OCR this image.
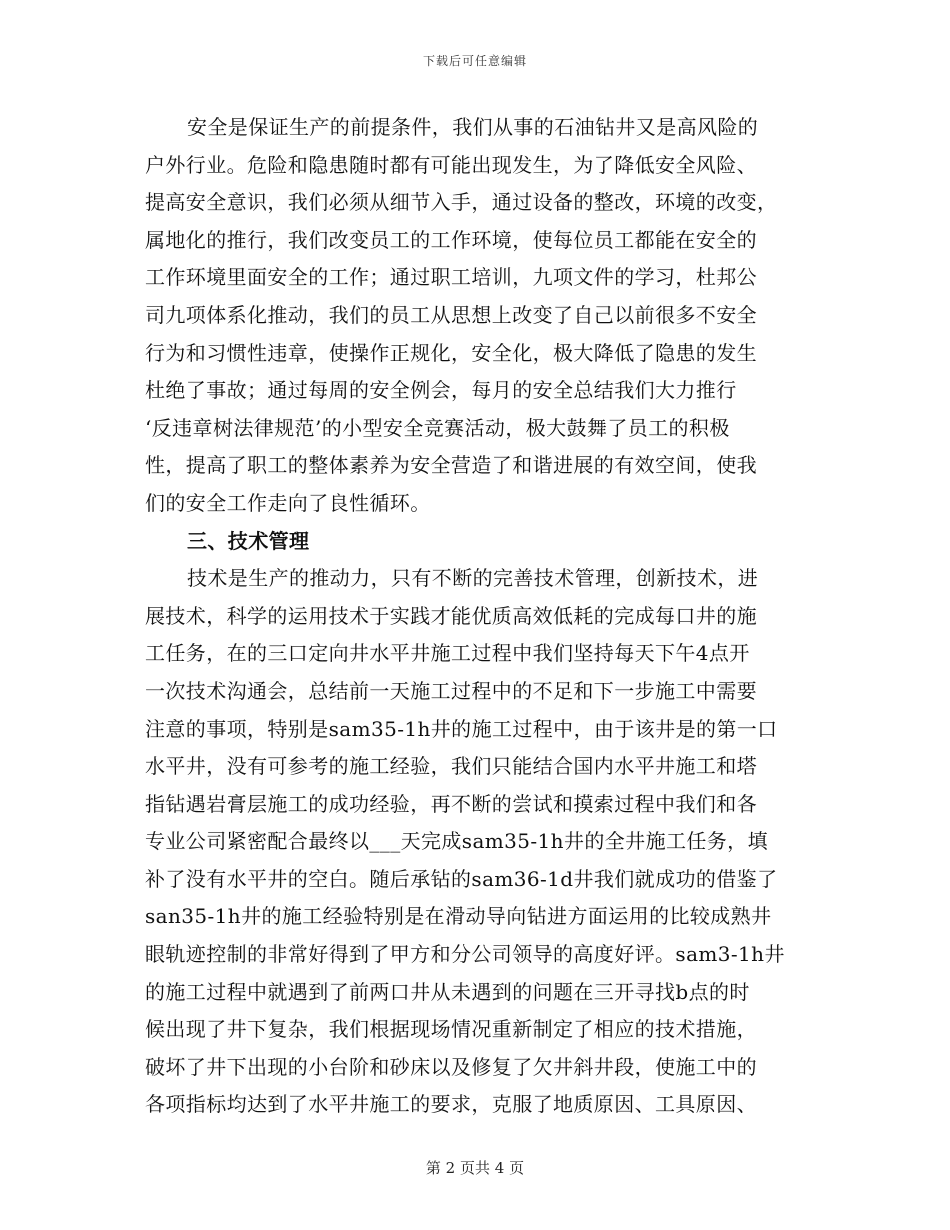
下载后可任意编辑
安全是保证生产的前提条件，我们从事的石油钻井又是高风险的
户外行业。危险和隐患随时都有可能出现发生，为了降低安全风险、
提高安全意识，我们必须从细节入手，通过设备的整改，环境的改变，
属地化的推行，我们改变员工的工作环境，使每位员工都能在安全的
工作环境里面安全的工作；通过职工培训，九项文件的学习，杜邦公
司九项体系化推动，我们的员工从思想上改变了自己以前很多不安全
行为和习惯性违章，使操作正规化，安全化，极大降低了隐患的发生
杜绝了事故；通过每周的安全例会，每月的安全总结我们大力推行
‘反违章树法律规范’的小型安全竞赛活动，极大鼓舞了员工的积极
性，提高了职工的整体素养为安全营造了和谐进展的有效空间，使我
们的安全工作走向了良性循环。
三、技术管理
技术是生产的推动力，只有不断的完善技术管理，创新技术，进
展技术，科学的运用技术于实践才能优质高效低耗的完成每口井的施
工任务，在的三口定向井水平井施工过程中我们坚持每天下午4点开
一次技术沟通会，总结前一天施工过程中的不足和下一步施工中需要
注意的事项，特别是sam35-1h井的施工过程中，由于该井是的第一口
水平井，没有可参考的施工经验，我们只能结合国内水平井施工和塔
指钻遇岩膏层施工的成功经验，再不断的尝试和摸索过程中我们和各
专业公司紧密配合最终以___天完成sam35-1h井的全井施工任务，填
补了没有水平井的空白。随后承钻的sam36-1d井我们就成功的借鉴了
san35-1h井的施工经验特别是在滑动导向钻进方面运用的比较成熟井
眼轨迹控制的非常好得到了甲方和分公司领导的高度好评。sam3-1h井
的施工过程中就遇到了前两口井从未遇到的问题在三开寻找b点的时
候出现了井下复杂，我们根据现场情况重新制定了相应的技术措施，
破坏了井下出现的小台阶和砂床以及修复了欠井斜井段，使施工中的
各项指标均达到了水平井施工的要求，克服了地质原因、工具原因、
第 2 页共 4 页
